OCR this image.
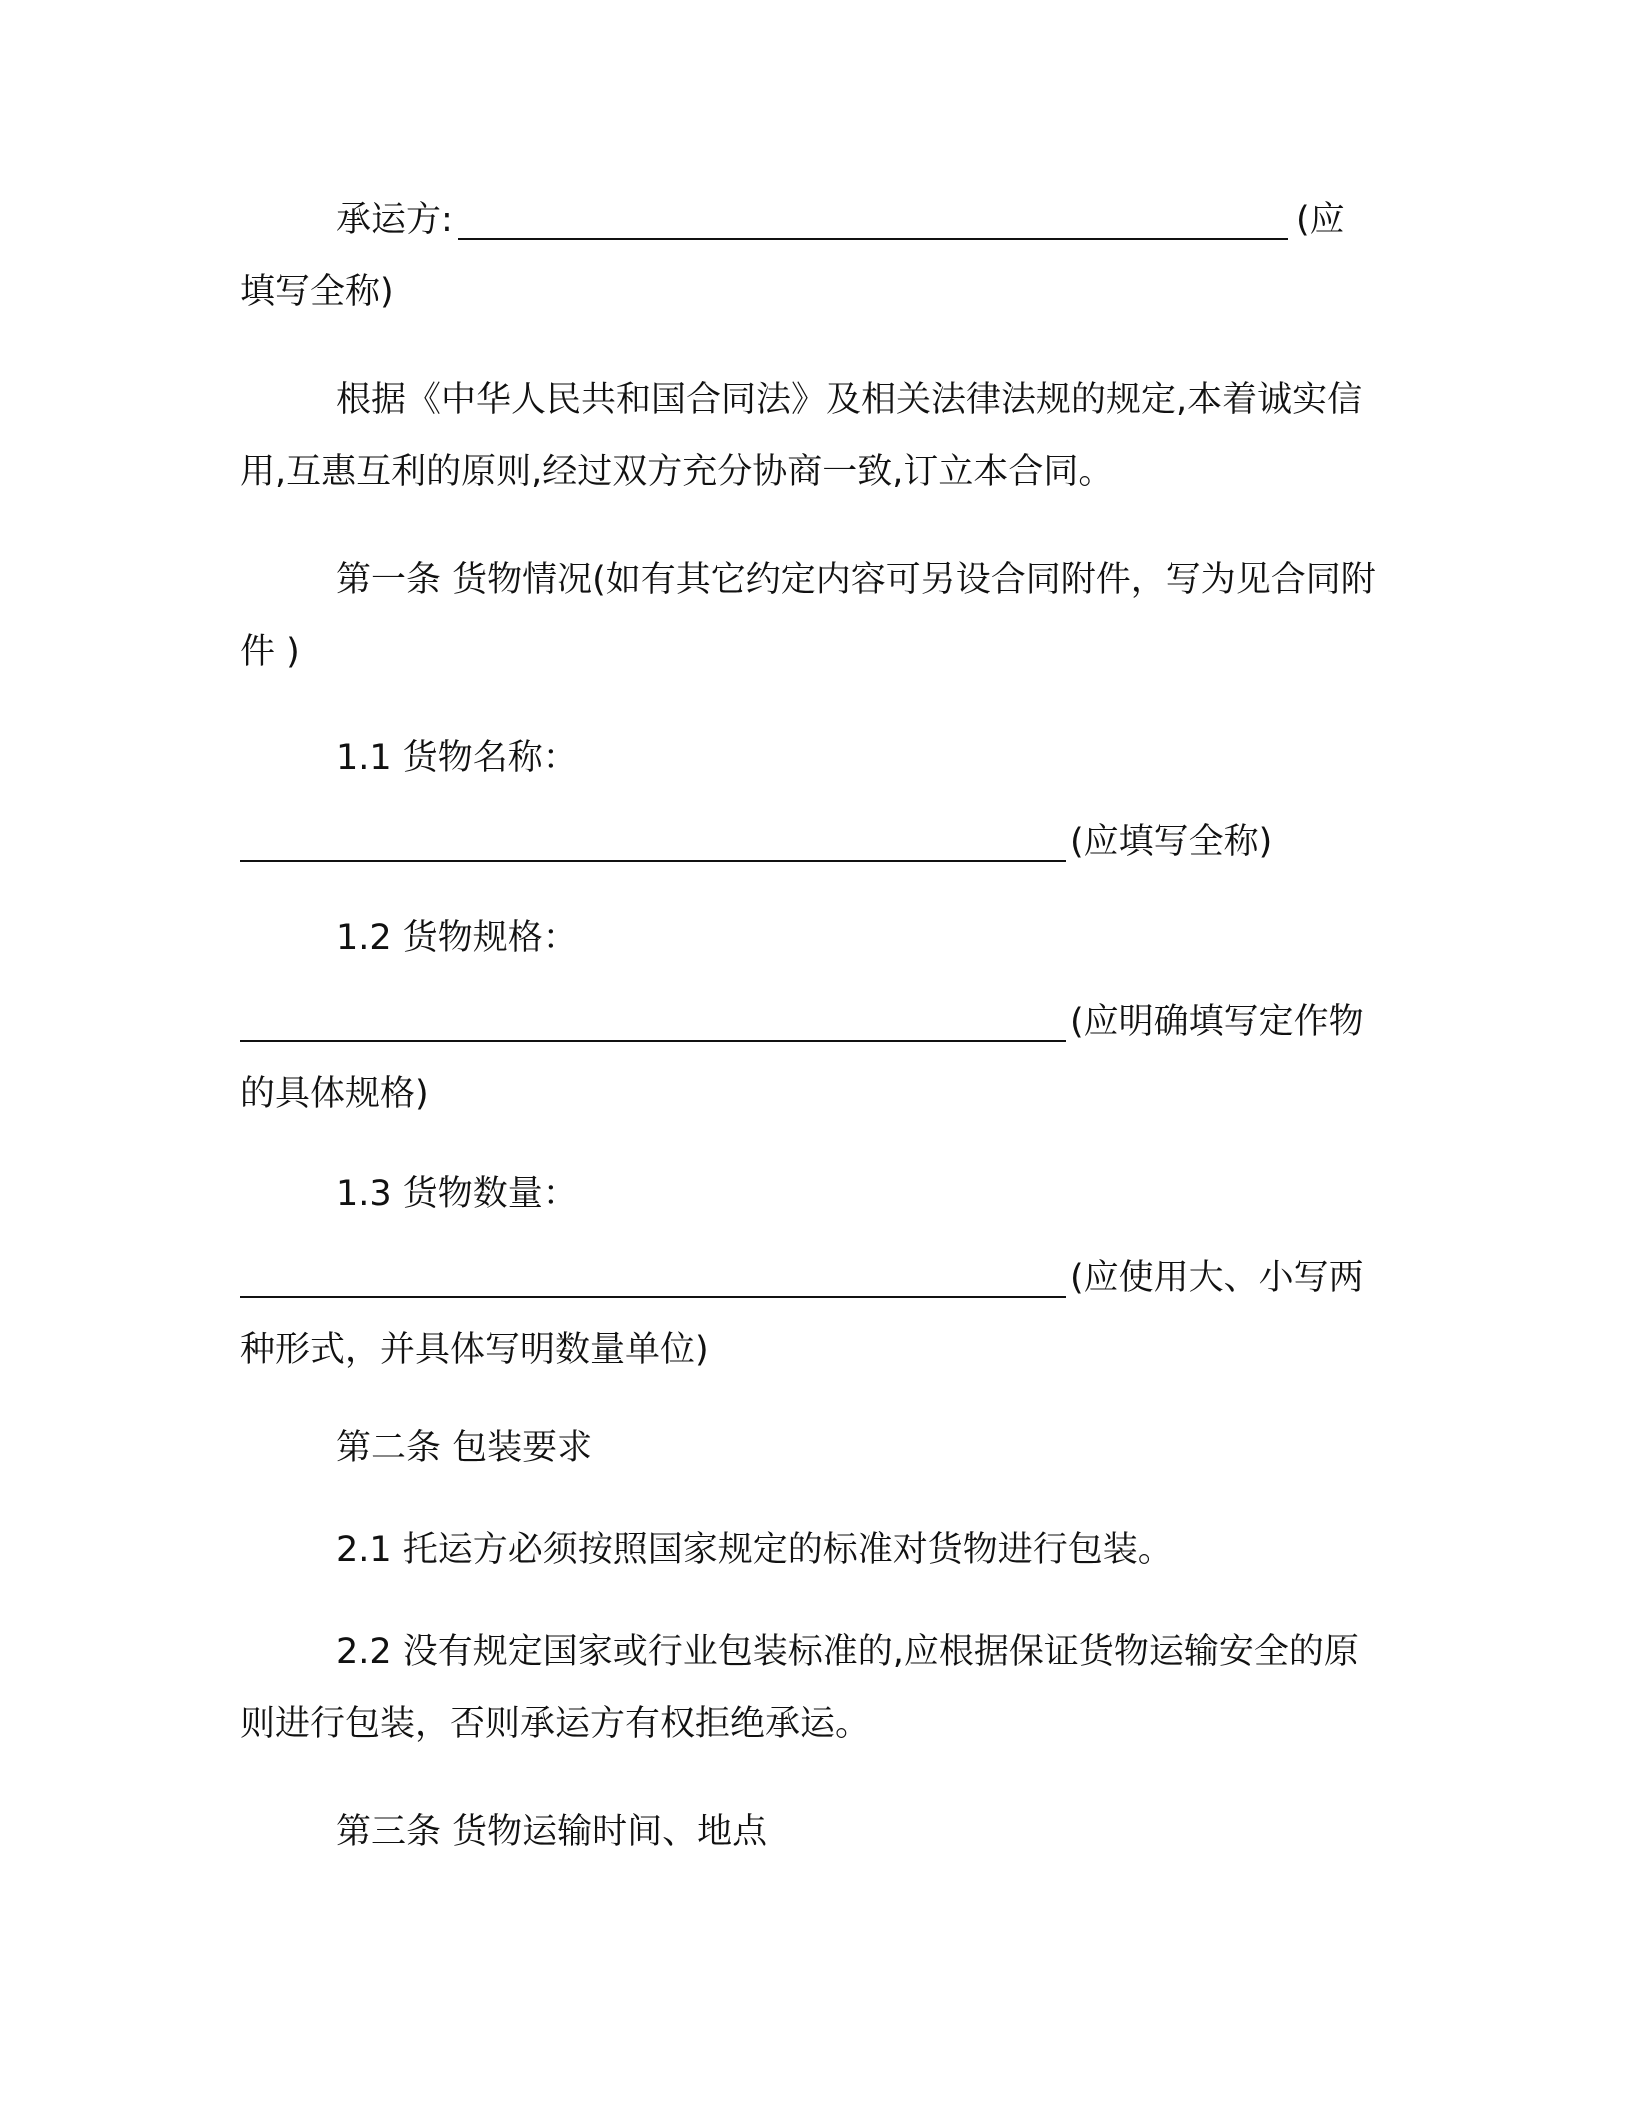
承运方:	(应
填写全称)

根据《中华人民共和国合同法》及相关法律法规的规定,本着诚实信用,互惠互利的原则,经过双方充分协商一致,订立本合同。

第一条 货物情况(如有其它约定内容可另设合同附件，写为见合同附件 )

1.1 货物名称：

(应填写全称)

1.2 货物规格：

(应明确填写定作物的具体规格)

1.3 货物数量：

(应使用大、小写两种形式，并具体写明数量单位)

第二条 包装要求

2.1 托运方必须按照国家规定的标准对货物进行包装。

2.2 没有规定国家或行业包装标准的,应根据保证货物运输安全的原则进行包装，否则承运方有权拒绝承运。

第三条 货物运输时间、地点
